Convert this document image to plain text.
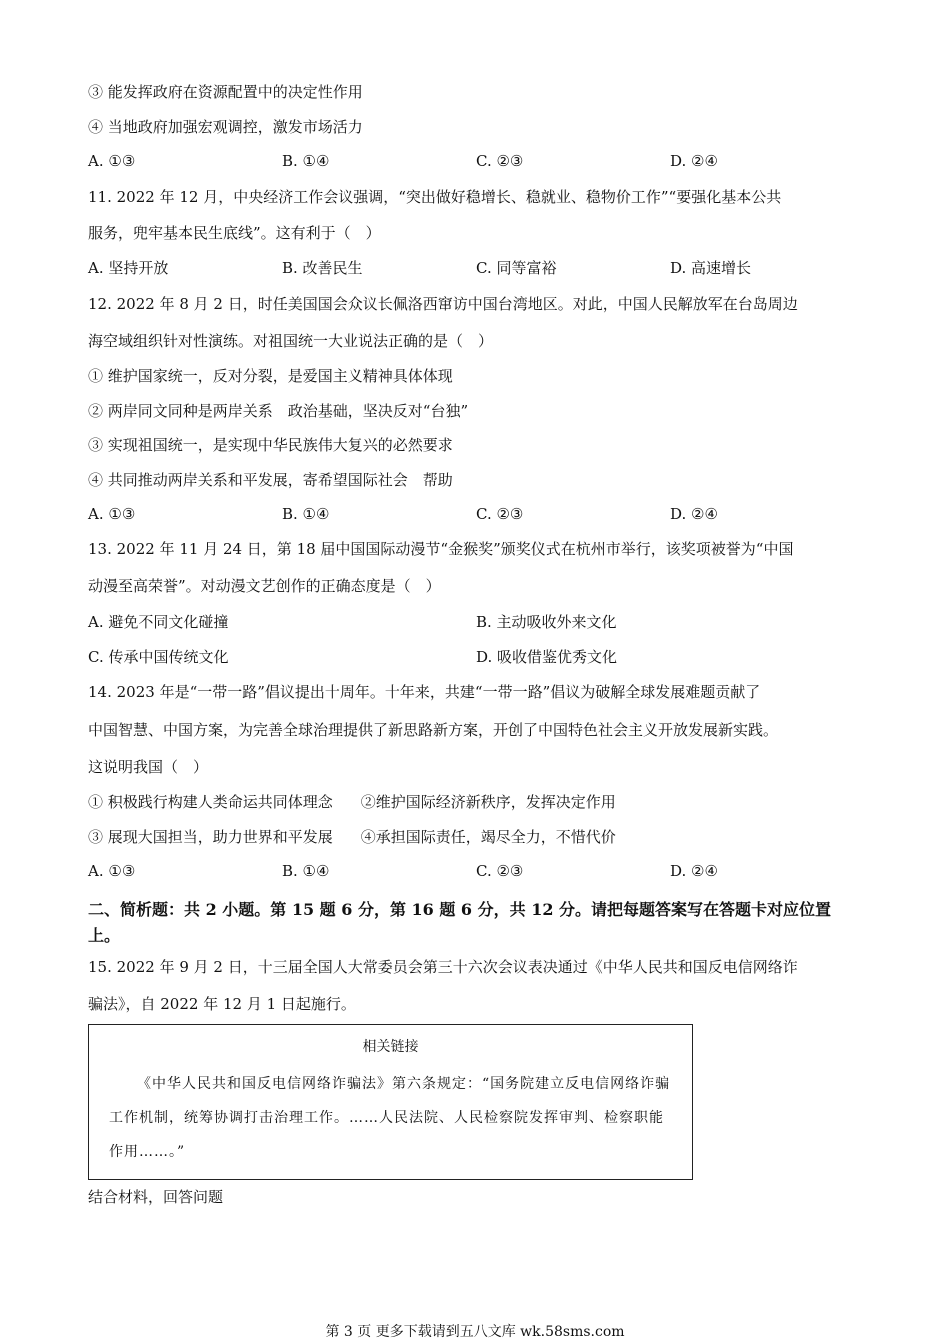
③ 能发挥政府在资源配置中的决定性作用
④ 当地政府加强宏观调控，激发市场活力
A. ①③	B. ①④	C. ②③	D. ②④
11. 2022 年 12 月，中央经济工作会议强调，“突出做好稳增长、稳就业、稳物价工作”“要强化基本公共
服务，兜牢基本民生底线”。这有利于（　）
A. 坚持开放	B. 改善民生	C. 同等富裕	D. 高速增长
12. 2022 年 8 月 2 日，时任美国国会众议长佩洛西窜访中国台湾地区。对此，中国人民解放军在台岛周边
海空域组织针对性演练。对祖国统一大业说法正确的是（　）
① 维护国家统一，反对分裂，是爱国主义精神具体体现
② 两岸同文同种是两岸关系　政治基础，坚决反对“台独”
③ 实现祖国统一，是实现中华民族伟大复兴的必然要求
④ 共同推动两岸关系和平发展，寄希望国际社会　帮助
A. ①③	B. ①④	C. ②③	D. ②④
13. 2022 年 11 月 24 日，第 18 届中国国际动漫节“金猴奖”颁奖仪式在杭州市举行，该奖项被誉为“中国
动漫至高荣誉”。对动漫文艺创作的正确态度是（　）
A. 避免不同文化碰撞	B. 主动吸收外来文化
C. 传承中国传统文化	D. 吸收借鉴优秀文化
14. 2023 年是“一带一路”倡议提出十周年。十年来，共建“一带一路”倡议为破解全球发展难题贡献了
中国智慧、中国方案，为完善全球治理提供了新思路新方案，开创了中国特色社会主义开放发展新实践。
这说明我国（　）
① 积极践行构建人类命运共同体理念 ②维护国际经济新秩序，发挥决定作用
③ 展现大国担当，助力世界和平发展 ④承担国际责任，竭尽全力，不惜代价
A. ①③	B. ①④	C. ②③	D. ②④
二、简析题：共 2 小题。第 15 题 6 分，第 16 题 6 分，共 12 分。请把每题答案写在答题卡对应位置上。
15. 2022 年 9 月 2 日，十三届全国人大常委员会第三十六次会议表决通过《中华人民共和国反电信网络诈
骗法》，自 2022 年 12 月 1 日起施行。
相关链接
《中华人民共和国反电信网络诈骗法》第六条规定：“国务院建立反电信网络诈骗工作机制，统筹协调打击治理工作。……人民法院、人民检察院发挥审判、检察职能作用……。”
结合材料，回答问题
第 3 页 更多下载请到五八文库 wk.58sms.com
